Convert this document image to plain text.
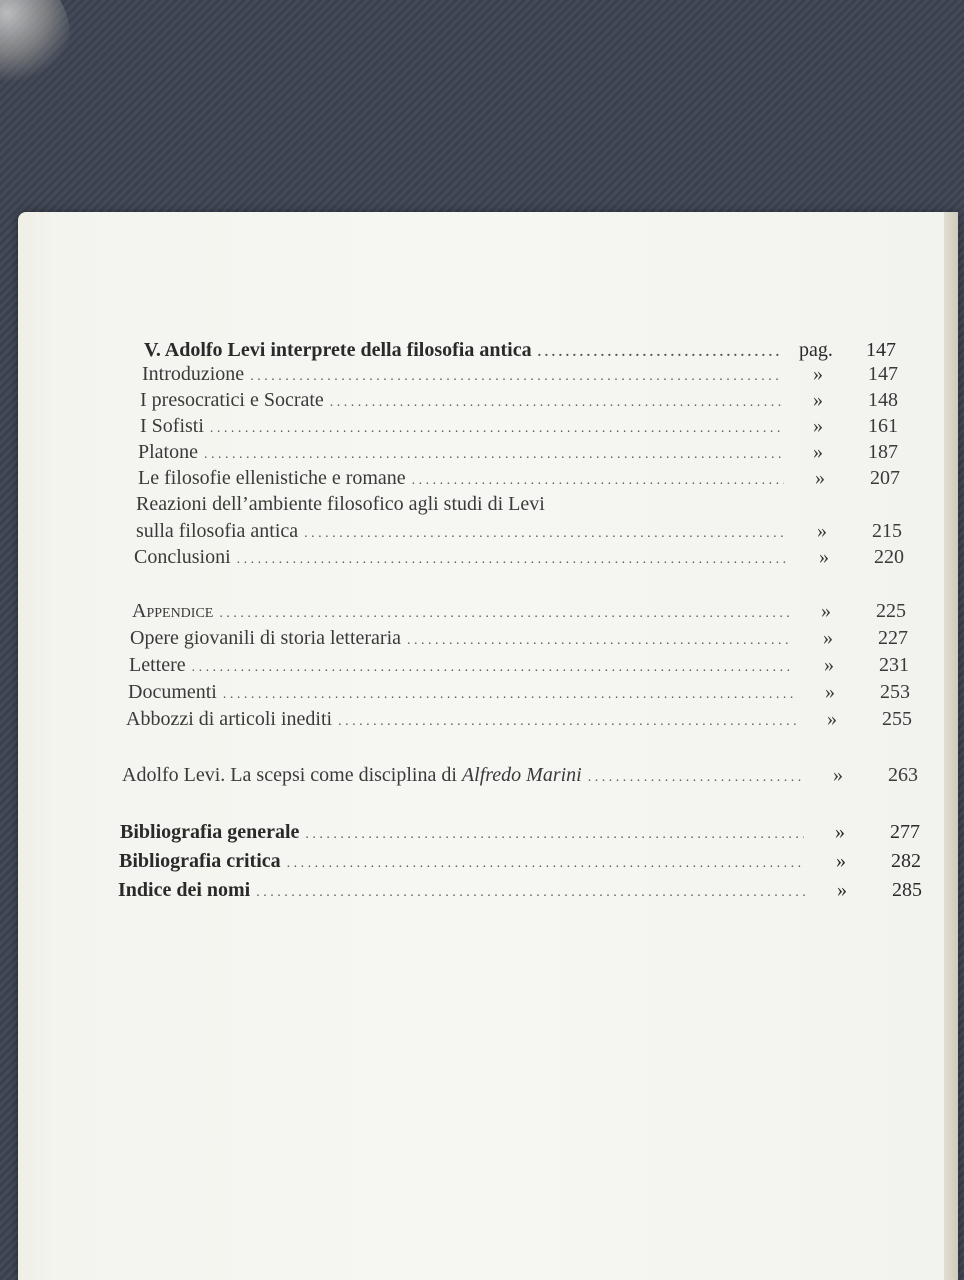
V. Adolfo Levi interprete della filosofia antica . . .	pag.	147
Introduzione . . .	»	147
I presocratici e Socrate . . .	»	148
I Sofisti . . .	»	161
Platone . . .	»	187
Le filosofie ellenistiche e romane . . .	»	207
Reazioni dell’ambiente filosofico agli studi di Levi
sulla filosofia antica . . .	»	215
Conclusioni . . .	»	220
Appendice . . .	»	225
Opere giovanili di storia letteraria . . .	»	227
Lettere . . .	»	231
Documenti . . .	»	253
Abbozzi di articoli inediti . . .	»	255
Adolfo Levi. La scepsi come disciplina di Alfredo Marini . . .	»	263
Bibliografia generale . . .	»	277
Bibliografia critica . . .	»	282
Indice dei nomi . . .	»	285
